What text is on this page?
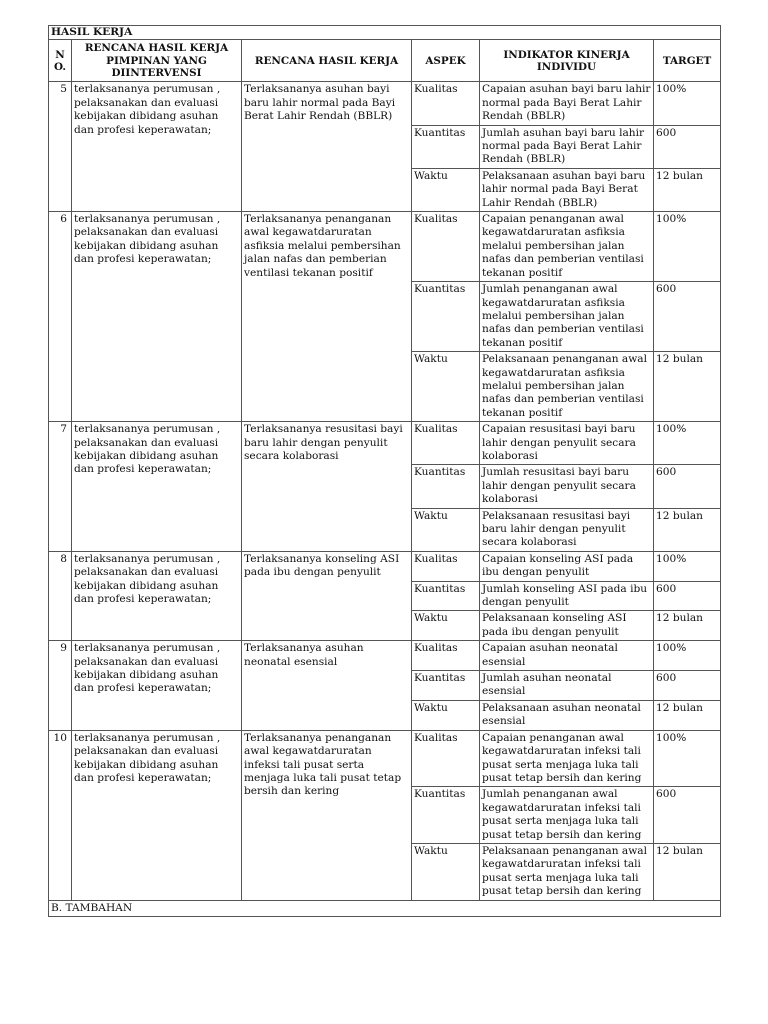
HASIL KERJA					
NO.	RENCANA HASIL KERJA PIMPINAN YANG DIINTERVENSI	RENCANA HASIL KERJA	ASPEK	INDIKATOR KINERJA INDIVIDU	TARGET
5	terlaksananya perumusan , pelaksanakan dan evaluasi kebijakan dibidang asuhan dan profesi keperawatan;	Terlaksananya asuhan bayi baru lahir normal pada Bayi Berat Lahir Rendah (BBLR)	Kualitas	Capaian asuhan bayi baru lahir normal pada Bayi Berat Lahir Rendah (BBLR)	100%
			Kuantitas	Jumlah asuhan bayi baru lahir normal pada Bayi Berat Lahir Rendah (BBLR)	600
			Waktu	Pelaksanaan asuhan bayi baru lahir normal pada Bayi Berat Lahir Rendah (BBLR)	12 bulan
6	terlaksananya perumusan , pelaksanakan dan evaluasi kebijakan dibidang asuhan dan profesi keperawatan;	Terlaksananya penanganan awal kegawatdaruratan asfiksia melalui pembersihan jalan nafas dan pemberian ventilasi tekanan positif	Kualitas	Capaian penanganan awal kegawatdaruratan asfiksia melalui pembersihan jalan nafas dan pemberian ventilasi tekanan positif	100%
			Kuantitas	Jumlah penanganan awal kegawatdaruratan asfiksia melalui pembersihan jalan nafas dan pemberian ventilasi tekanan positif	600
			Waktu	Pelaksanaan penanganan awal kegawatdaruratan asfiksia melalui pembersihan jalan nafas dan pemberian ventilasi tekanan positif	12 bulan
7	terlaksananya perumusan , pelaksanakan dan evaluasi kebijakan dibidang asuhan dan profesi keperawatan;	Terlaksananya resusitasi bayi baru lahir dengan penyulit secara kolaborasi	Kualitas	Capaian resusitasi bayi baru lahir dengan penyulit secara kolaborasi	100%
			Kuantitas	Jumlah resusitasi bayi baru lahir dengan penyulit secara kolaborasi	600
			Waktu	Pelaksanaan resusitasi bayi baru lahir dengan penyulit secara kolaborasi	12 bulan
8	terlaksananya perumusan , pelaksanakan dan evaluasi kebijakan dibidang asuhan dan profesi keperawatan;	Terlaksananya konseling ASI pada ibu dengan penyulit	Kualitas	Capaian konseling ASI pada ibu dengan penyulit	100%
			Kuantitas	Jumlah konseling ASI pada ibu dengan penyulit	600
			Waktu	Pelaksanaan konseling ASI pada ibu dengan penyulit	12 bulan
9	terlaksananya perumusan , pelaksanakan dan evaluasi kebijakan dibidang asuhan dan profesi keperawatan;	Terlaksananya asuhan neonatal esensial	Kualitas	Capaian asuhan neonatal esensial	100%
			Kuantitas	Jumlah asuhan neonatal esensial	600
			Waktu	Pelaksanaan asuhan neonatal esensial	12 bulan
10	terlaksananya perumusan , pelaksanakan dan evaluasi kebijakan dibidang asuhan dan profesi keperawatan;	Terlaksananya penanganan awal kegawatdaruratan infeksi tali pusat serta menjaga luka tali pusat tetap bersih dan kering	Kualitas	Capaian penanganan awal kegawatdaruratan infeksi tali pusat serta menjaga luka tali pusat tetap bersih dan kering	100%
			Kuantitas	Jumlah penanganan awal kegawatdaruratan infeksi tali pusat serta menjaga luka tali pusat tetap bersih dan kering	600
			Waktu	Pelaksanaan penanganan awal kegawatdaruratan infeksi tali pusat serta menjaga luka tali pusat tetap bersih dan kering	12 bulan
B. TAMBAHAN					
